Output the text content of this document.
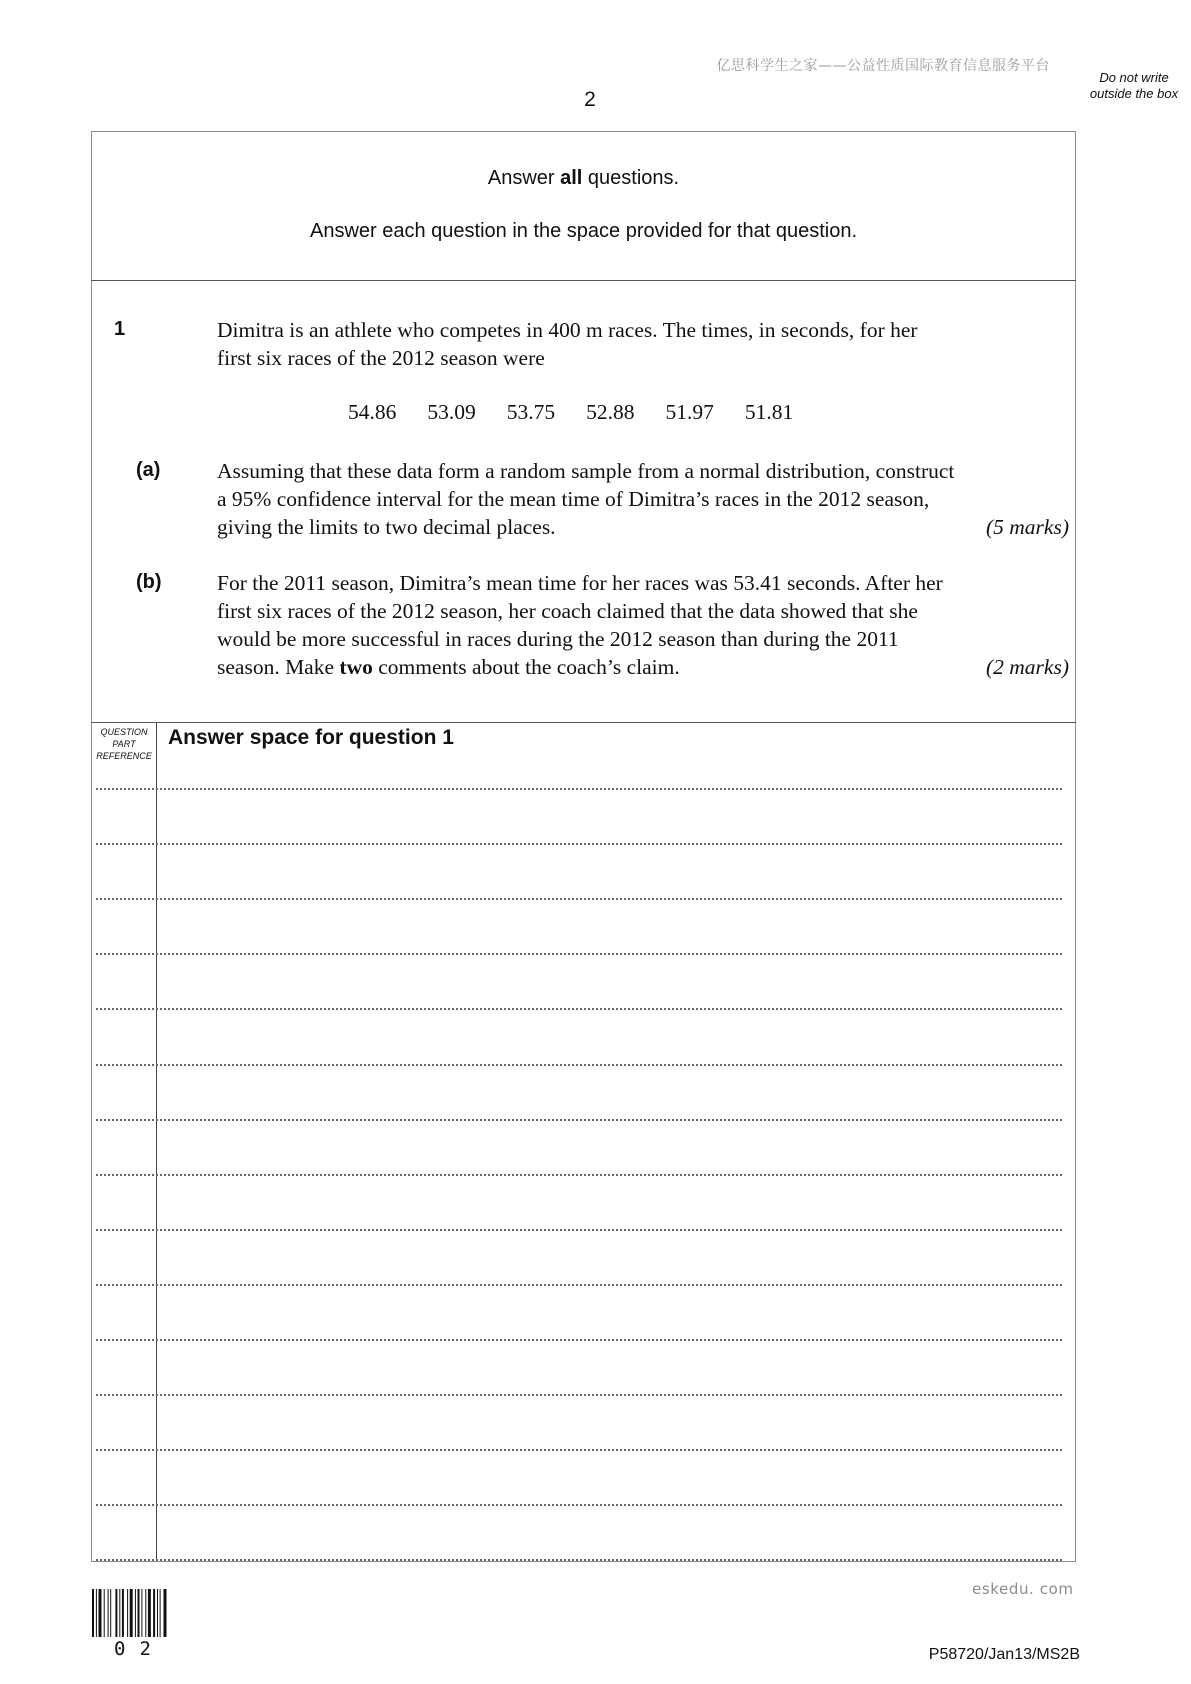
亿思科学生之家——公益性质国际教育信息服务平台
2
Do not write outside the box
Answer all questions.
Answer each question in the space provided for that question.
1	Dimitra is an athlete who competes in 400 m races. The times, in seconds, for her
first six races of the 2012 season were
54.86 53.09 53.75 52.88 51.97 51.81
(a)	Assuming that these data form a random sample from a normal distribution, construct
a 95% confidence interval for the mean time of Dimitra’s races in the 2012 season,
giving the limits to two decimal places.	(5 marks)
(b)	For the 2011 season, Dimitra’s mean time for her races was 53.41 seconds. After her
first six races of the 2012 season, her coach claimed that the data showed that she
would be more successful in races during the 2012 season than during the 2011
season. Make two comments about the coach’s claim.	(2 marks)
QUESTION
PART
REFERENCE
Answer space for question 1
02
eskedu. com
P58720/Jan13/MS2B
